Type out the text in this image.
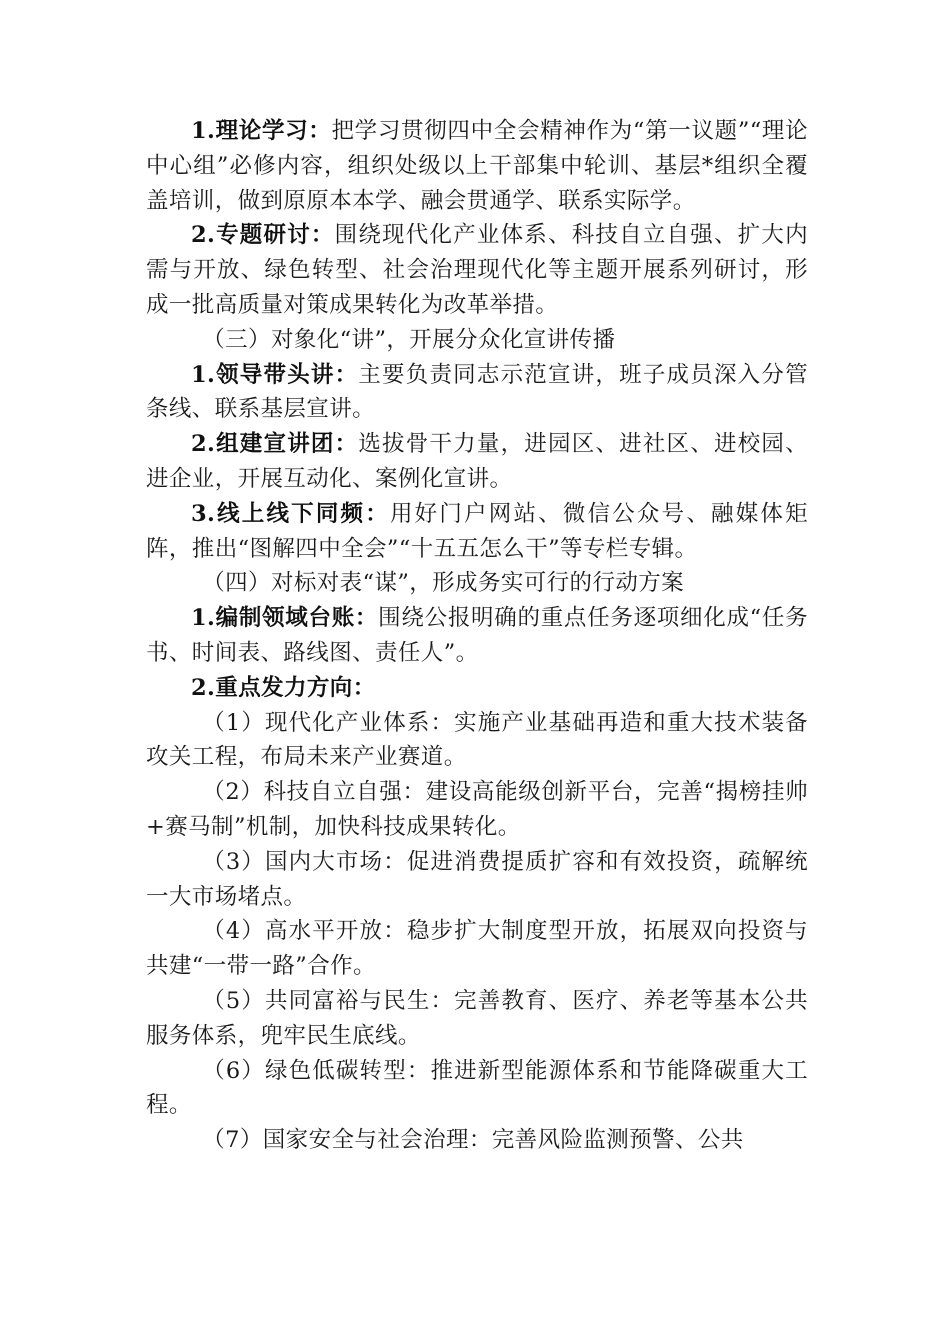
1.理论学习：把学习贯彻四中全会精神作为“第一议题”“理论中心组”必修内容，组织处级以上干部集中轮训、基层*组织全覆盖培训，做到原原本本学、融会贯通学、联系实际学。

2.专题研讨：围绕现代化产业体系、科技自立自强、扩大内需与开放、绿色转型、社会治理现代化等主题开展系列研讨，形成一批高质量对策成果转化为改革举措。

（三）对象化“讲”，开展分众化宣讲传播

1.领导带头讲：主要负责同志示范宣讲，班子成员深入分管条线、联系基层宣讲。

2.组建宣讲团：选拔骨干力量，进园区、进社区、进校园、进企业，开展互动化、案例化宣讲。

3.线上线下同频：用好门户网站、微信公众号、融媒体矩阵，推出“图解四中全会”“十五五怎么干”等专栏专辑。

（四）对标对表“谋”，形成务实可行的行动方案

1.编制领域台账：围绕公报明确的重点任务逐项细化成“任务书、时间表、路线图、责任人”。

2.重点发力方向：

（1）现代化产业体系：实施产业基础再造和重大技术装备攻关工程，布局未来产业赛道。

（2）科技自立自强：建设高能级创新平台，完善“揭榜挂帅+赛马制”机制，加快科技成果转化。

（3）国内大市场：促进消费提质扩容和有效投资，疏解统一大市场堵点。

（4）高水平开放：稳步扩大制度型开放，拓展双向投资与共建“一带一路”合作。

（5）共同富裕与民生：完善教育、医疗、养老等基本公共服务体系，兜牢民生底线。

（6）绿色低碳转型：推进新型能源体系和节能降碳重大工程。

（7）国家安全与社会治理：完善风险监测预警、公共
